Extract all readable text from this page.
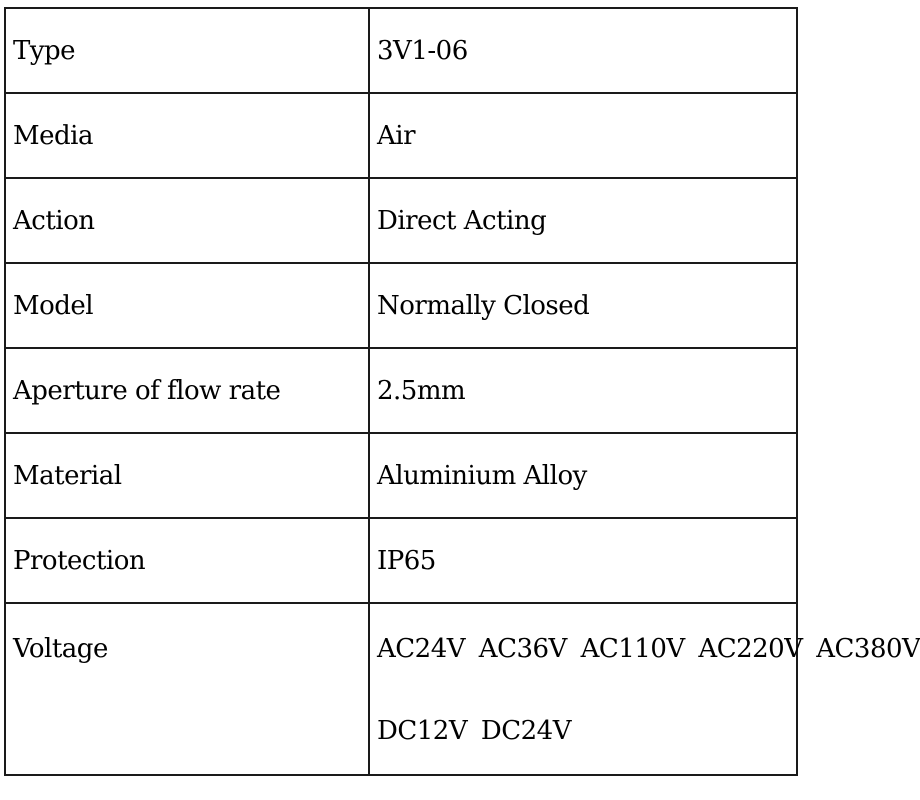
Type	3V1-06
Media	Air
Action	Direct Acting
Model	Normally Closed
Aperture of flow rate	2.5mm
Material	Aluminium Alloy
Protection	IP65

Voltage	AC24V AC36V AC110V AC220V AC380V
DC12V DC24V
